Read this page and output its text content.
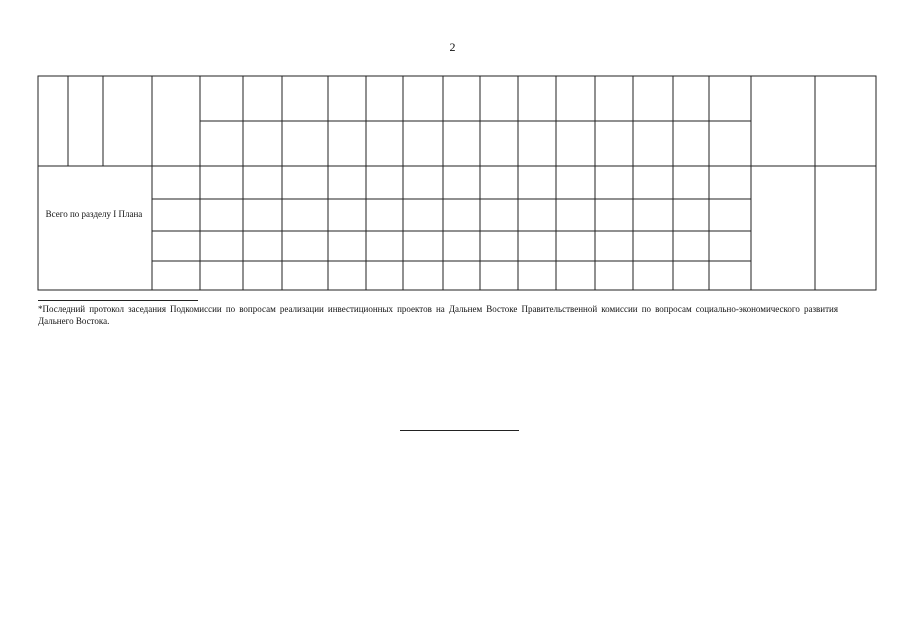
2
Всего по разделу I Плана
*Последний протокол заседания Подкомиссии по вопросам реализации инвестиционных проектов на Дальнем Востоке Правительственной комиссии по вопросам социально-экономического развития Дальнего Востока.
